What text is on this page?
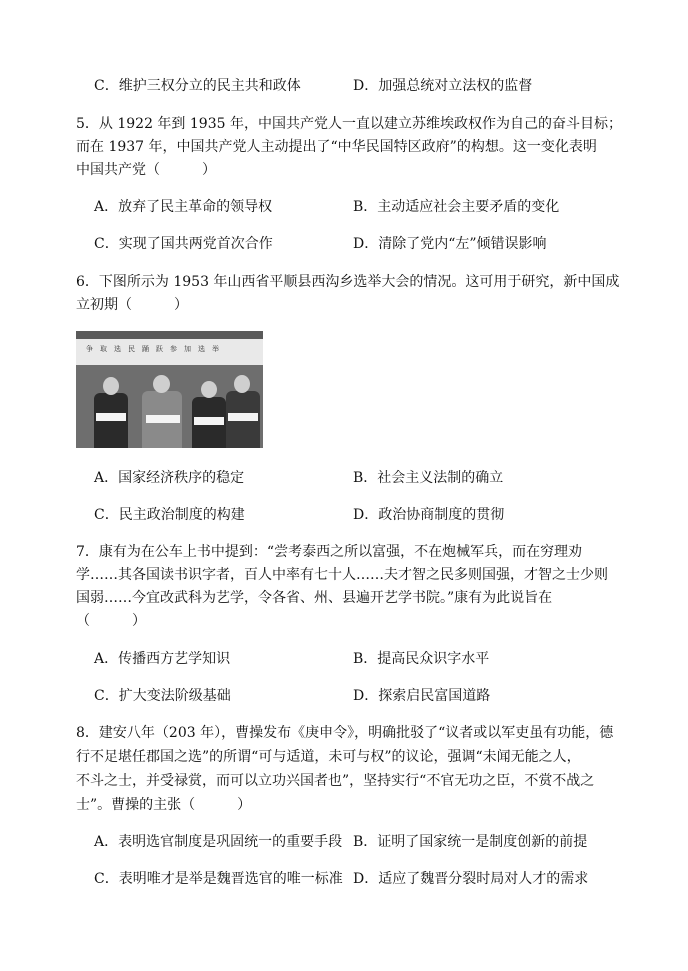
C．维护三权分立的民主共和政体	D．加强总统对立法权的监督
5．从 1922 年到 1935 年，中国共产党人一直以建立苏维埃政权作为自己的奋斗目标；
而在 1937 年，中国共产党人主动提出了“中华民国特区政府”的构想。这一变化表明
中国共产党（　　　）
A．放弃了民主革命的领导权	B．主动适应社会主要矛盾的变化
C．实现了国共两党首次合作	D．清除了党内“左”倾错误影响
6．下图所示为 1953 年山西省平顺县西沟乡选举大会的情况。这可用于研究，新中国成
立初期（　　　）
争取选民踊跃参加选举
A．国家经济秩序的稳定	B．社会主义法制的确立
C．民主政治制度的构建	D．政治协商制度的贯彻
7．康有为在公车上书中提到：“尝考泰西之所以富强，不在炮械军兵，而在穷理劝
学……其各国读书识字者，百人中率有七十人……夫才智之民多则国强，才智之士少则
国弱……今宜改武科为艺学，令各省、州、县遍开艺学书院。”康有为此说旨在
（　　　）
A．传播西方艺学知识	B．提高民众识字水平
C．扩大变法阶级基础	D．探索启民富国道路
8．建安八年（203 年），曹操发布《庚申令》，明确批驳了“议者或以军吏虽有功能，德
行不足堪任郡国之选”的所谓“可与适道，未可与权”的议论，强调“未闻无能之人，
不斗之士，并受禄赏，而可以立功兴国者也”，坚持实行“不官无功之臣，不赏不战之
士”。曹操的主张（　　　）
A．表明选官制度是巩固统一的重要手段 B．证明了国家统一是制度创新的前提
C．表明唯才是举是魏晋选官的唯一标准 D．适应了魏晋分裂时局对人才的需求
